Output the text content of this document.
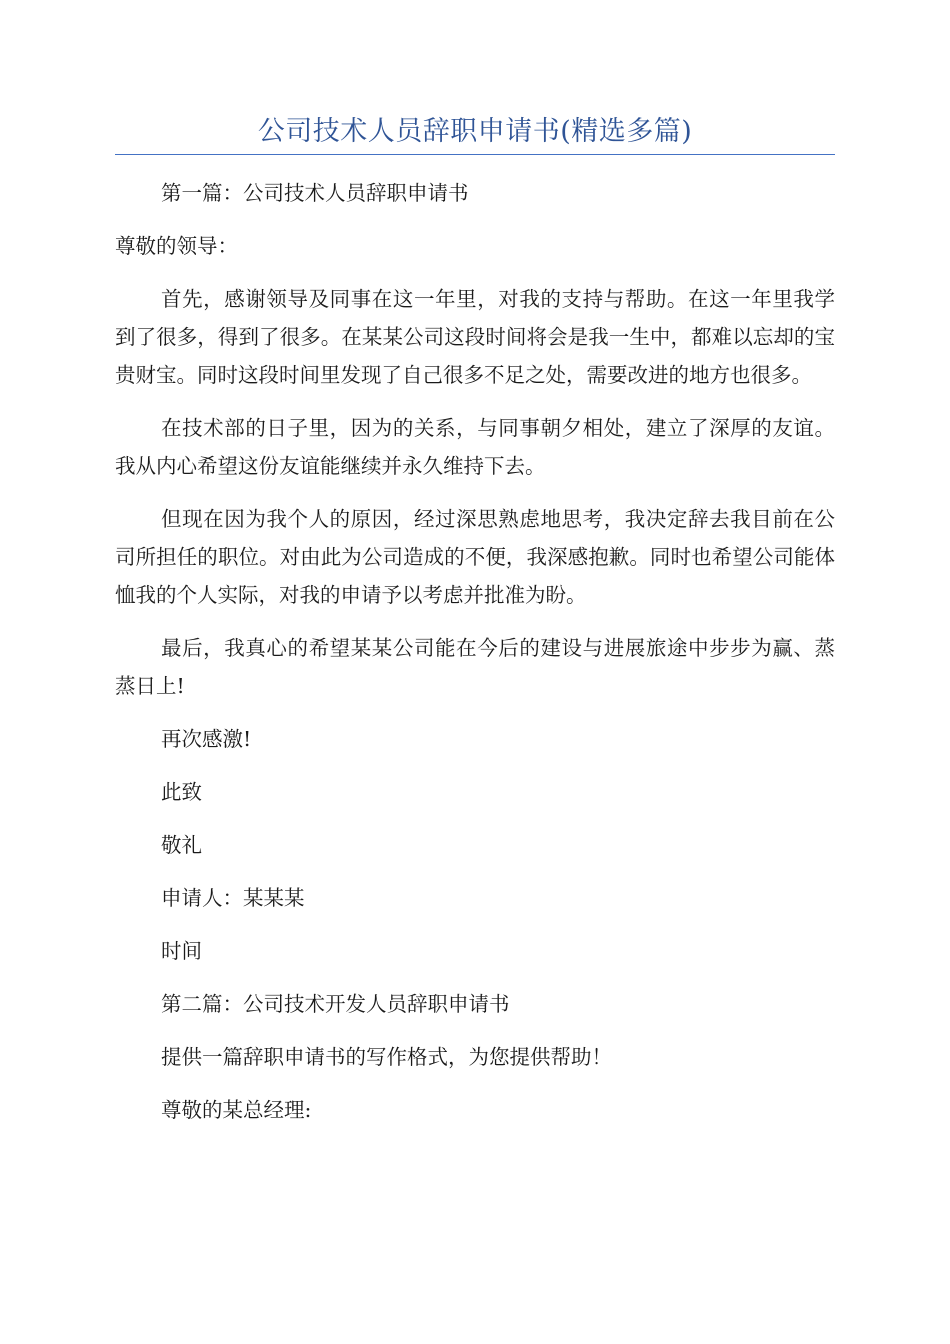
公司技术人员辞职申请书(精选多篇)

第一篇：公司技术人员辞职申请书

尊敬的领导：

首先，感谢领导及同事在这一年里，对我的支持与帮助。在这一年里我学到了很多，得到了很多。在某某公司这段时间将会是我一生中，都难以忘却的宝贵财宝。同时这段时间里发现了自己很多不足之处，需要改进的地方也很多。

在技术部的日子里，因为的关系，与同事朝夕相处，建立了深厚的友谊。我从内心希望这份友谊能继续并永久维持下去。

但现在因为我个人的原因，经过深思熟虑地思考，我决定辞去我目前在公司所担任的职位。对由此为公司造成的不便，我深感抱歉。同时也希望公司能体恤我的个人实际，对我的申请予以考虑并批准为盼。

最后，我真心的希望某某公司能在今后的建设与进展旅途中步步为赢、蒸蒸日上!

再次感激!

此致

敬礼

申请人：某某某

时间

第二篇：公司技术开发人员辞职申请书

提供一篇辞职申请书的写作格式，为您提供帮助！

尊敬的某总经理:
